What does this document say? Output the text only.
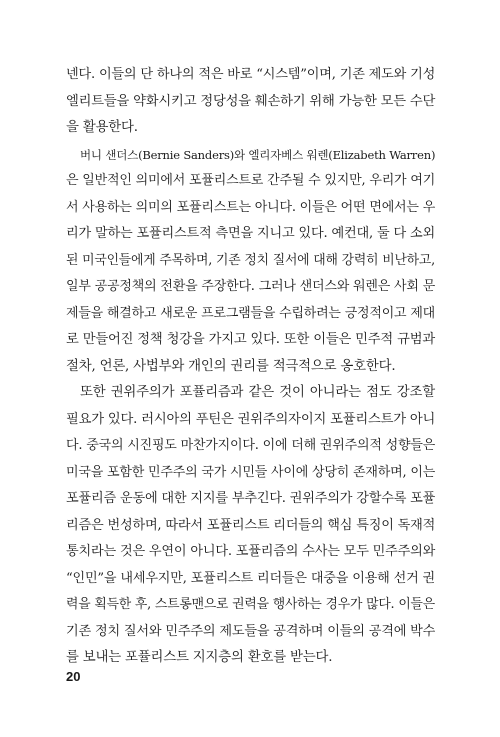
넨다. 이들의 단 하나의 적은 바로 “시스템”이며, 기존 제도와 기성
엘리트들을 약화시키고 정당성을 훼손하기 위해 가능한 모든 수단
을 활용한다.
버니 샌더스(Bernie Sanders)와 엘리자베스 워렌(Elizabeth Warren)
은 일반적인 의미에서 포퓰리스트로 간주될 수 있지만, 우리가 여기
서 사용하는 의미의 포퓰리스트는 아니다. 이들은 어떤 면에서는 우
리가 말하는 포퓰리스트적 측면을 지니고 있다. 예컨대, 둘 다 소외
된 미국인들에게 주목하며, 기존 정치 질서에 대해 강력히 비난하고,
일부 공공정책의 전환을 주장한다. 그러나 샌더스와 워렌은 사회 문
제들을 해결하고 새로운 프로그램들을 수립하려는 긍정적이고 제대
로 만들어진 정책 청강을 가지고 있다. 또한 이들은 민주적 규범과
절차, 언론, 사법부와 개인의 권리를 적극적으로 옹호한다.
또한 권위주의가 포퓰리즘과 같은 것이 아니라는 점도 강조할
필요가 있다. 러시아의 푸틴은 권위주의자이지 포퓰리스트가 아니
다. 중국의 시진핑도 마찬가지이다. 이에 더해 권위주의적 성향들은
미국을 포함한 민주주의 국가 시민들 사이에 상당히 존재하며, 이는
포퓰리즘 운동에 대한 지지를 부추긴다. 권위주의가 강할수록 포퓰
리즘은 번성하며, 따라서 포퓰리스트 리더들의 핵심 특징이 독재적
통치라는 것은 우연이 아니다. 포퓰리즘의 수사는 모두 민주주의와
“인민”을 내세우지만, 포퓰리스트 리더들은 대중을 이용해 선거 권
력을 획득한 후, 스트롱맨으로 권력을 행사하는 경우가 많다. 이들은
기존 정치 질서와 민주주의 제도들을 공격하며 이들의 공격에 박수
를 보내는 포퓰리스트 지지층의 환호를 받는다.
20
